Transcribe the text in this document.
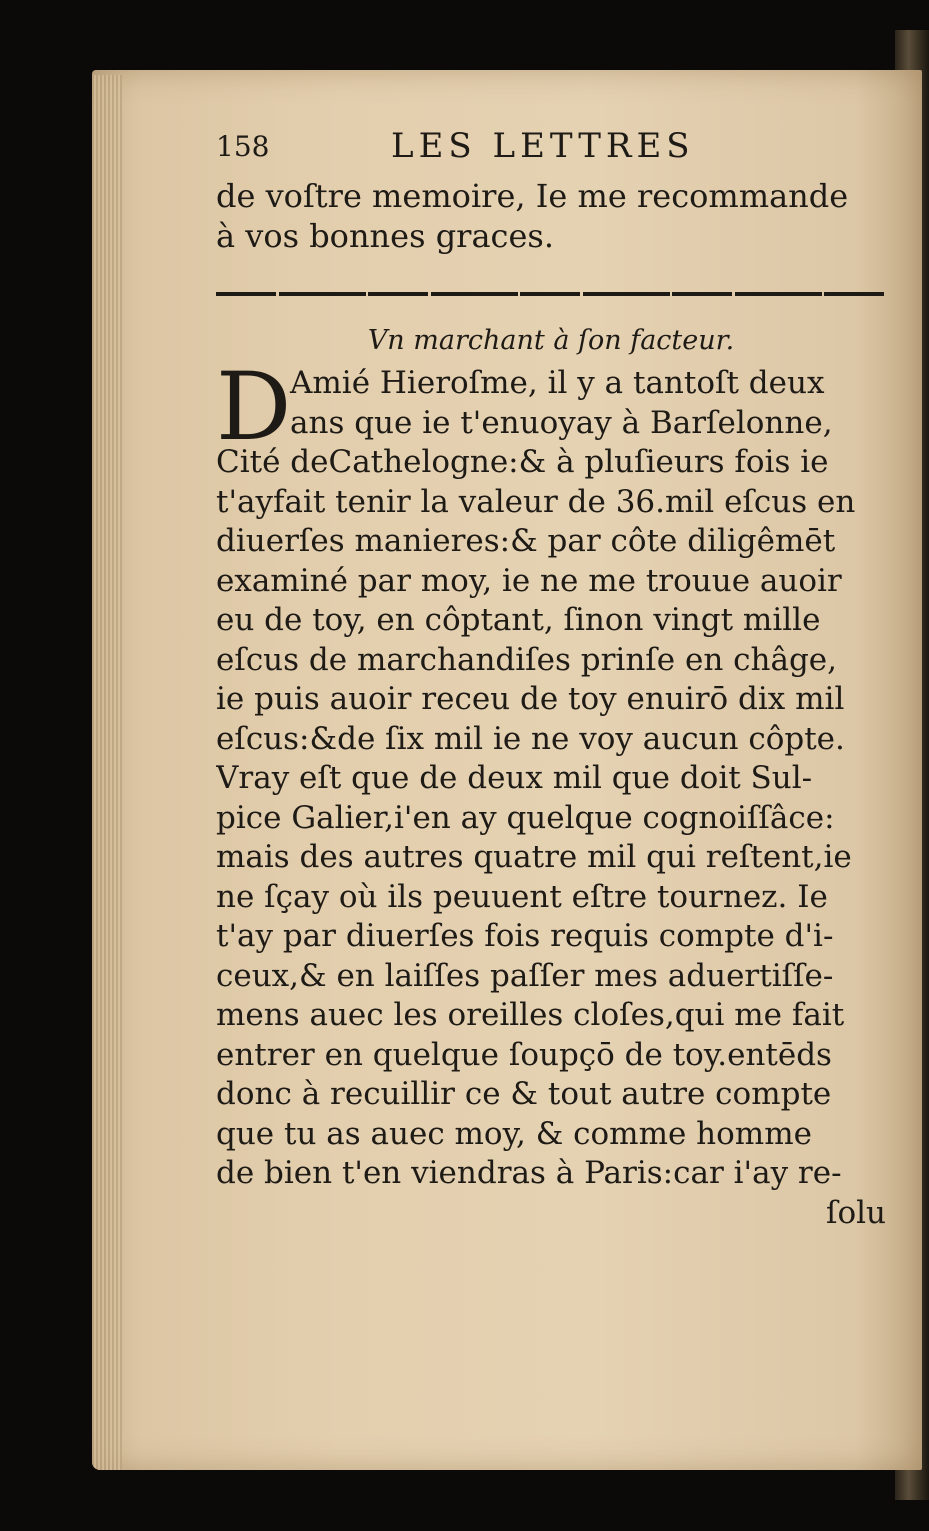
158	LES LETTRES
de voſtre memoire, Ie me recommande
à vos bonnes graces.
Vn marchant à ſon facteur.
D
Amié Hieroſme, il y a tantoſt deux
ans que ie t'enuoyay à Barſelonne,
Cité deCathelogne:& à pluſieurs fois ie
t'ayfait tenir la valeur de 36.mil eſcus en
diuerſes manieres:& par côte diligêmēt
examiné par moy, ie ne me trouue auoir
eu de toy, en côptant, ſinon vingt mille
eſcus de marchandiſes prinſe en châge,
ie puis auoir receu de toy enuirō dix mil
eſcus:&de ſix mil ie ne voy aucun côpte.
Vray eſt que de deux mil que doit Sul-
pice Galier,i'en ay quelque cognoiſſâce:
mais des autres quatre mil qui reſtent,ie
ne ſçay où ils peuuent eſtre tournez. Ie
t'ay par diuerſes fois requis compte d'i-
ceux,& en laiſſes paſſer mes aduertiſſe-
mens auec les oreilles cloſes,qui me fait
entrer en quelque ſoupçō de toy.entēds
donc à recuillir ce & tout autre compte
que tu as auec moy, & comme homme
de bien t'en viendras à Paris:car i'ay re-
ſolu
